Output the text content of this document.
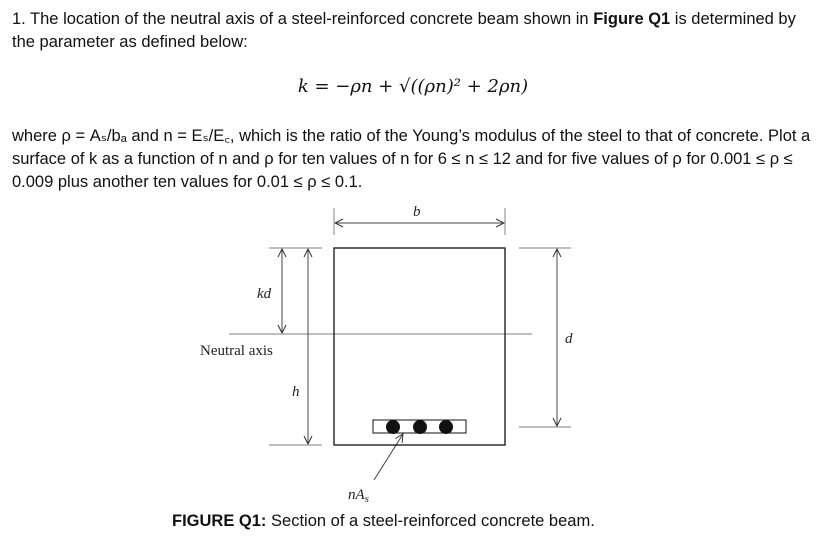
1. The location of the neutral axis of a steel-reinforced concrete beam shown in Figure Q1 is determined by the parameter as defined below:
k = −ρn + √((ρn)² + 2ρn)
where ρ = Aₛ/bₐ and n = Eₛ/E꜀, which is the ratio of the Young’s modulus of the steel to that of concrete. Plot a surface of k as a function of n and ρ for ten values of n for 6 ≤ n ≤ 12 and for five values of ρ for 0.001 ≤ ρ ≤ 0.009 plus another ten values for 0.01 ≤ ρ ≤ 0.1.
b
kd
Neutral axis
h
d
$nA_s$
FIGURE Q1: Section of a steel-reinforced concrete beam.
